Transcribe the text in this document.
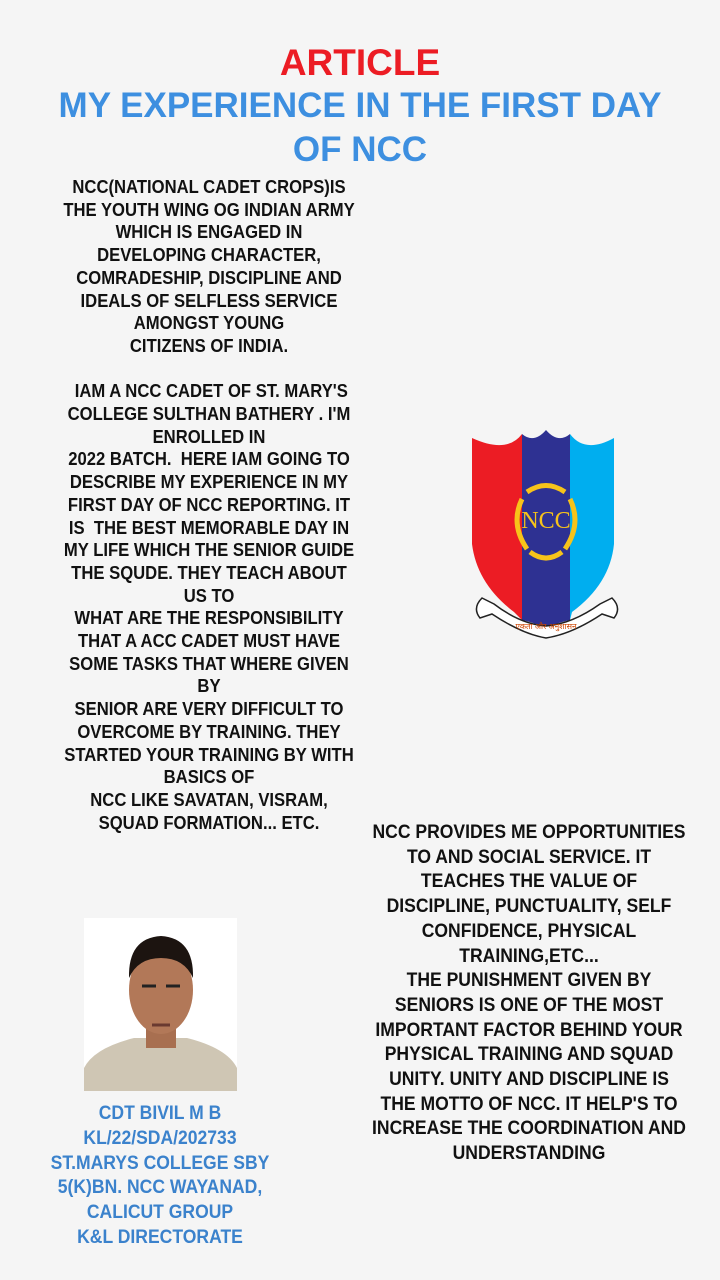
ARTICLE
MY EXPERIENCE IN THE FIRST DAY
OF NCC
NCC(NATIONAL CADET CROPS)IS
THE YOUTH WING OG INDIAN ARMY
WHICH IS ENGAGED IN
DEVELOPING CHARACTER,
COMRADESHIP, DISCIPLINE AND
IDEALS OF SELFLESS SERVICE
AMONGST YOUNG
CITIZENS OF INDIA.

IAM A NCC CADET OF ST. MARY'S
COLLEGE SULTHAN BATHERY . I'M
ENROLLED IN
2022 BATCH.  HERE IAM GOING TO
DESCRIBE MY EXPERIENCE IN MY
FIRST DAY OF NCC REPORTING. IT
IS  THE BEST MEMORABLE DAY IN
MY LIFE WHICH THE SENIOR GUIDE
THE SQUDE. THEY TEACH ABOUT
US TO
WHAT ARE THE RESPONSIBILITY
THAT A ACC CADET MUST HAVE
SOME TASKS THAT WHERE GIVEN
BY
SENIOR ARE VERY DIFFICULT TO
OVERCOME BY TRAINING. THEY
STARTED YOUR TRAINING BY WITH
BASICS OF
NCC LIKE SAVATAN, VISRAM,
SQUAD FORMATION... ETC.	NCC PROVIDES ME OPPORTUNITIES
TO AND SOCIAL SERVICE. IT
TEACHES THE VALUE OF
DISCIPLINE, PUNCTUALITY, SELF
CONFIDENCE, PHYSICAL
TRAINING,ETC...
THE PUNISHMENT GIVEN BY
SENIORS IS ONE OF THE MOST
IMPORTANT FACTOR BEHIND YOUR
PHYSICAL TRAINING AND SQUAD
UNITY. UNITY AND DISCIPLINE IS
THE MOTTO OF NCC. IT HELP'S TO
INCREASE THE COORDINATION AND
UNDERSTANDING
NCC
एकता और अनुशासन
CDT BIVIL M B
KL/22/SDA/202733
ST.MARYS COLLEGE SBY
5(K)BN. NCC WAYANAD,
CALICUT GROUP
K&L DIRECTORATE
